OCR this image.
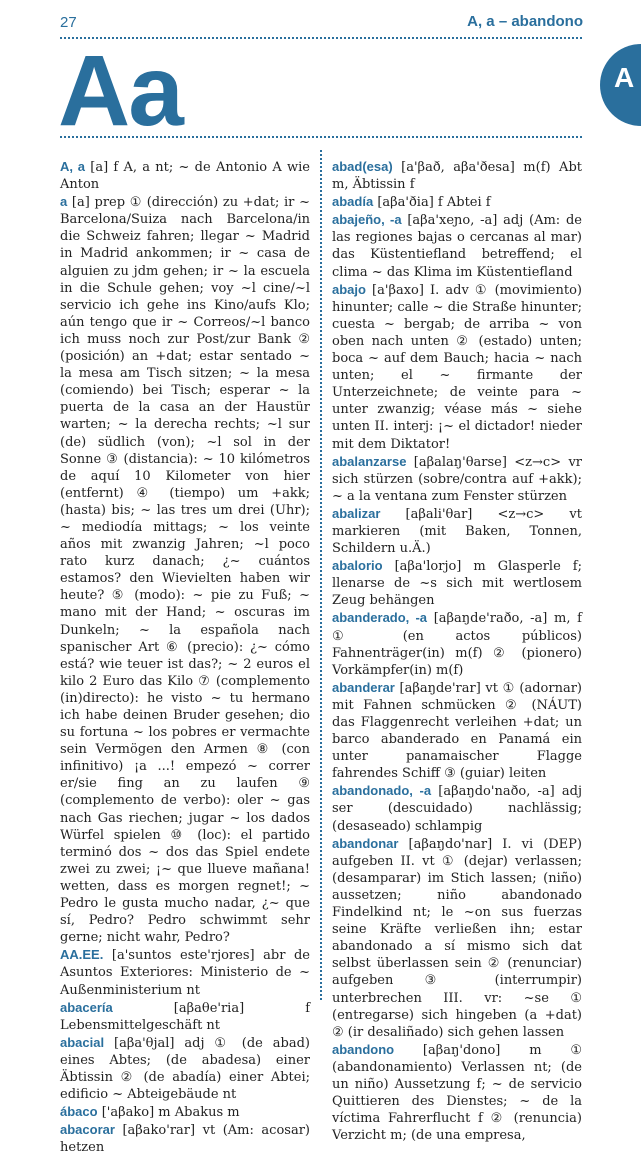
27	A, a – abandono
Aa	A

A, a [a] f A, a nt; ~ de Antonio A wie Anton

a [a] prep ① (dirección) zu +dat; ir ~ Barcelona/Suiza nach Barcelona/in die Schweiz fahren; llegar ~ Madrid in Madrid ankommen; ir ~ casa de alguien zu jdm gehen; ir ~ la escuela in die Schule gehen; voy ~l cine/~l servicio ich gehe ins Kino/aufs Klo; aún tengo que ir ~ Correos/~l banco ich muss noch zur Post/zur Bank ② (posición) an +dat; estar sentado ~ la mesa am Tisch sitzen; ~ la mesa (comiendo) bei Tisch; esperar ~ la puerta de la casa an der Haustür warten; ~ la derecha rechts; ~l sur (de) südlich (von); ~l sol in der Sonne ③ (distancia): ~ 10 kilómetros de aquí 10 Kilometer von hier (entfernt) ④ (tiempo) um +akk; (hasta) bis; ~ las tres um drei (Uhr); ~ mediodía mittags; ~ los veinte años mit zwanzig Jahren; ~l poco rato kurz danach; ¿~ cuántos estamos? den Wievielten haben wir heute? ⑤ (modo): ~ pie zu Fuß; ~ mano mit der Hand; ~ oscuras im Dunkeln; ~ la española nach spanischer Art ⑥ (precio): ¿~ cómo está? wie teuer ist das?; ~ 2 euros el kilo 2 Euro das Kilo ⑦ (complemento (in)directo): he visto ~ tu hermano ich habe deinen Bruder gesehen; dio su fortuna ~ los pobres er vermachte sein Vermögen den Armen ⑧ (con infinitivo) ¡a ...! empezó ~ correr er/sie fing an zu laufen ⑨ (complemento de verbo): oler ~ gas nach Gas riechen; jugar ~ los dados Würfel spielen ⑩ (loc): el partido terminó dos ~ dos das Spiel endete zwei zu zwei; ¡~ que llueve mañana! wetten, dass es morgen regnet!; ~ Pedro le gusta mucho nadar, ¿~ que sí, Pedro? Pedro schwimmt sehr gerne; nicht wahr, Pedro?

AA.EE. [a'suntos este'rjores] abr de Asuntos Exteriores: Ministerio de ~ Außenministerium nt

abacería [aβaθe'ria] f Lebensmittelgeschäft nt

abacial [aβa'θjal] adj ① (de abad) eines Abtes; (de abadesa) einer Äbtissin ② (de abadía) einer Abtei; edificio ~ Abteigebäude nt

ábaco ['aβako] m Abakus m

abacorar [aβako'rar] vt (Am: acosar) hetzen

abad(esa) [a'βað, aβa'ðesa] m(f) Abt m, Äbtissin f

abadía [aβa'ðia] f Abtei f

abajeño, -a [aβa'xeɲo, -a] adj (Am: de las regiones bajas o cercanas al mar) das Küstentiefland betreffend; el clima ~ das Klima im Küstentiefland

abajo [a'βaxo] I. adv ① (movimiento) hinunter; calle ~ die Straße hinunter; cuesta ~ bergab; de arriba ~ von oben nach unten ② (estado) unten; boca ~ auf dem Bauch; hacia ~ nach unten; el ~ firmante der Unterzeichnete; de veinte para ~ unter zwanzig; véase más ~ siehe unten II. interj: ¡~ el dictador! nieder mit dem Diktator!

abalanzarse [aβalaŋ'θarse] <z→c> vr sich stürzen (sobre/contra auf +akk); ~ a la ventana zum Fenster stürzen

abalizar [aβali'θar] <z→c> vt markieren (mit Baken, Tonnen, Schildern u.Ä.)

abalorio [aβa'lorjo] m Glasperle f; llenarse de ~s sich mit wertlosem Zeug behängen

abanderado, -a [aβaŋde'raðo, -a] m, f ① (en actos públicos) Fahnenträger(in) m(f) ② (pionero) Vorkämpfer(in) m(f)

abanderar [aβaŋde'rar] vt ① (adornar) mit Fahnen schmücken ② (NÁUT) das Flaggenrecht verleihen +dat; un barco abanderado en Panamá ein unter panamaischer Flagge fahrendes Schiff ③ (guiar) leiten

abandonado, -a [aβaŋdo'naðo, -a] adj ser (descuidado) nachlässig; (desaseado) schlampig

abandonar [aβaŋdo'nar] I. vi (DEP) aufgeben II. vt ① (dejar) verlassen; (desamparar) im Stich lassen; (niño) aussetzen; niño abandonado Findelkind nt; le ~on sus fuerzas seine Kräfte verließen ihn; estar abandonado a sí mismo sich dat selbst überlassen sein ② (renunciar) aufgeben ③ (interrumpir) unterbrechen III. vr: ~se ① (entregarse) sich hingeben (a +dat) ② (ir desaliñado) sich gehen lassen

abandono [aβaŋ'dono] m ① (abandonamiento) Verlassen nt; (de un niño) Aussetzung f; ~ de servicio Quittieren des Dienstes; ~ de la víctima Fahrerflucht f ② (renuncia) Verzicht m; (de una empresa,
